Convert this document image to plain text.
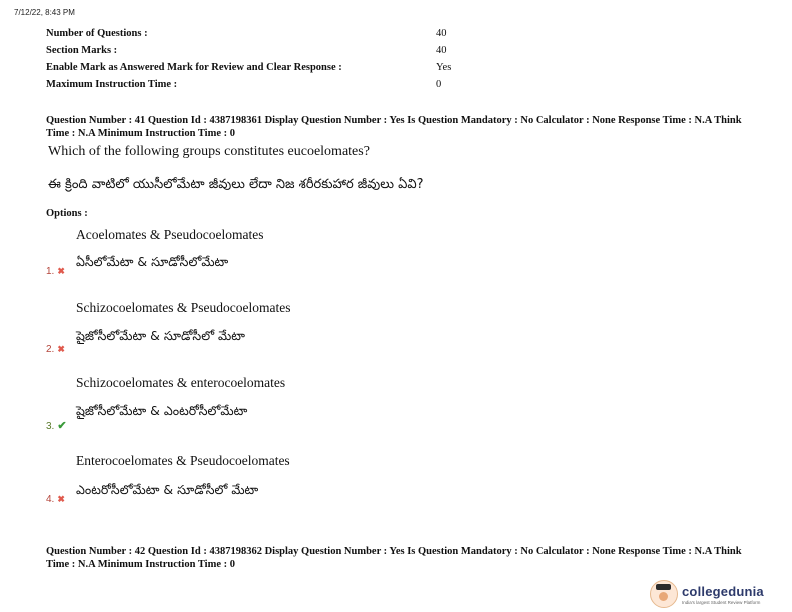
7/12/22, 8:43 PM
Number of Questions :	40
Section Marks :	40
Enable Mark as Answered Mark for Review and Clear Response :	Yes
Maximum Instruction Time :	0
Question Number : 41 Question Id : 4387198361 Display Question Number : Yes Is Question Mandatory : No Calculator : None Response Time : N.A Think Time : N.A Minimum Instruction Time : 0
Which of the following groups constitutes eucoelomates?
ఈ క్రింది వాటిలో యుసీలోమేటా జీవులు లేదా నిజ శరీరకుహార జీవులు ఏవి?
Options :
Acoelomates & Pseudocoelomates
ఏసీలోమేటా & సూడోసీలోమేటా
1. ✖
Schizocoelomates & Pseudocoelomates
షైజోసీలోమేటా & సూడోసీలో మేటా
2. ✖
Schizocoelomates & enterocoelomates
షైజోసీలోమేటా & ఎంటరోసీలోమేటా
3. ✔
Enterocoelomates & Pseudocoelomates
ఎంటరోసీలోమేటా & సూడోసీలో మేటా
4. ✖
Question Number : 42 Question Id : 4387198362 Display Question Number : Yes Is Question Mandatory : No Calculator : None Response Time : N.A Think Time : N.A Minimum Instruction Time : 0
collegedunia
India's largest Student Review Platform
